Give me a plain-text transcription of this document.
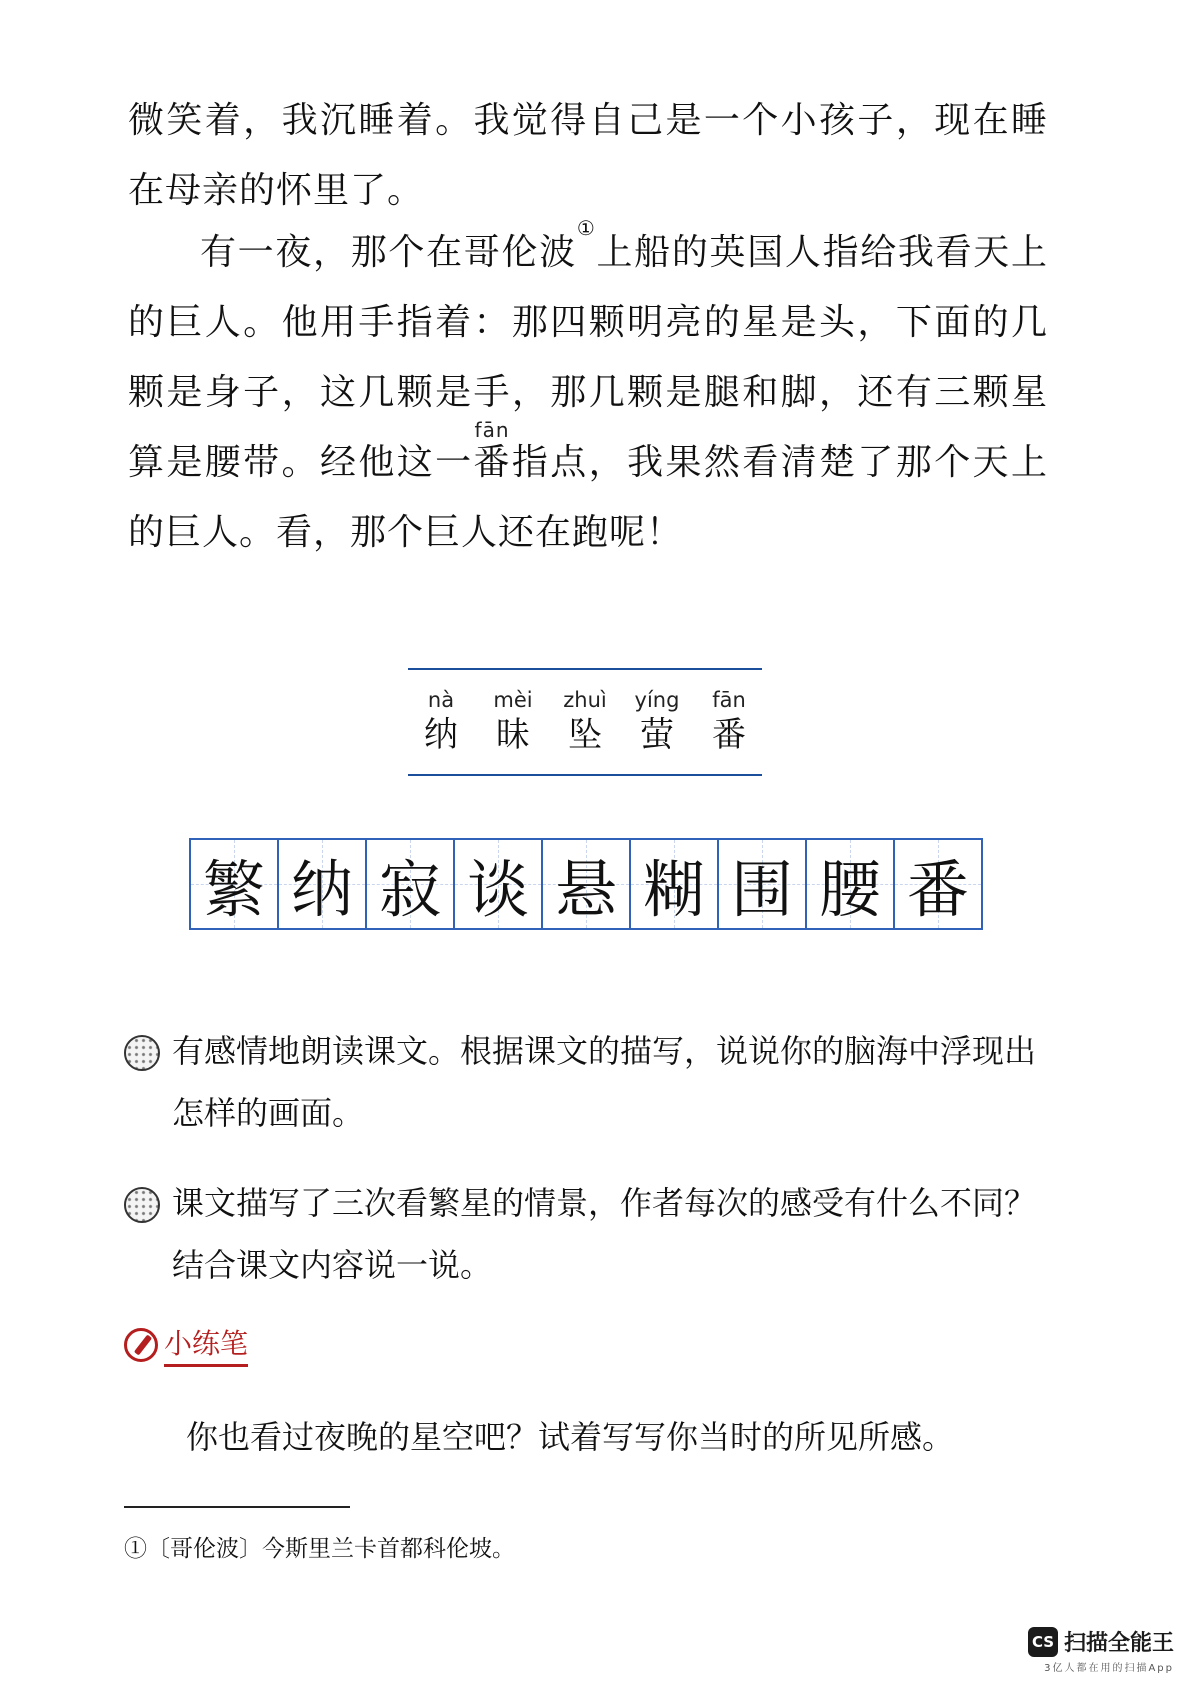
微笑着，我沉睡着。我觉得自己是一个小孩子，现在睡在母亲的怀里了。

有一夜，那个在哥伦波①上船的英国人指给我看天上的巨人。他用手指着：那四颗明亮的星是头，下面的几颗是身子，这几颗是手，那几颗是腿和脚，还有三颗星算是腰带。经他这一番fān指点，我果然看清楚了那个天上的巨人。看，那个巨人还在跑呢！

nà
纳
mèi
昧
zhuì
坠
yíng
萤
fān
番
繁 纳 寂 谈 悬 糊 围 腰 番

有感情地朗读课文。根据课文的描写，说说你的脑海中浮现出怎样的画面。

课文描写了三次看繁星的情景，作者每次的感受有什么不同？结合课文内容说一说。

小练笔

你也看过夜晚的星空吧？试着写写你当时的所见所感。

①〔哥伦波〕今斯里兰卡首都科伦坡。

CS 扫描全能王
3亿人都在用的扫描App
